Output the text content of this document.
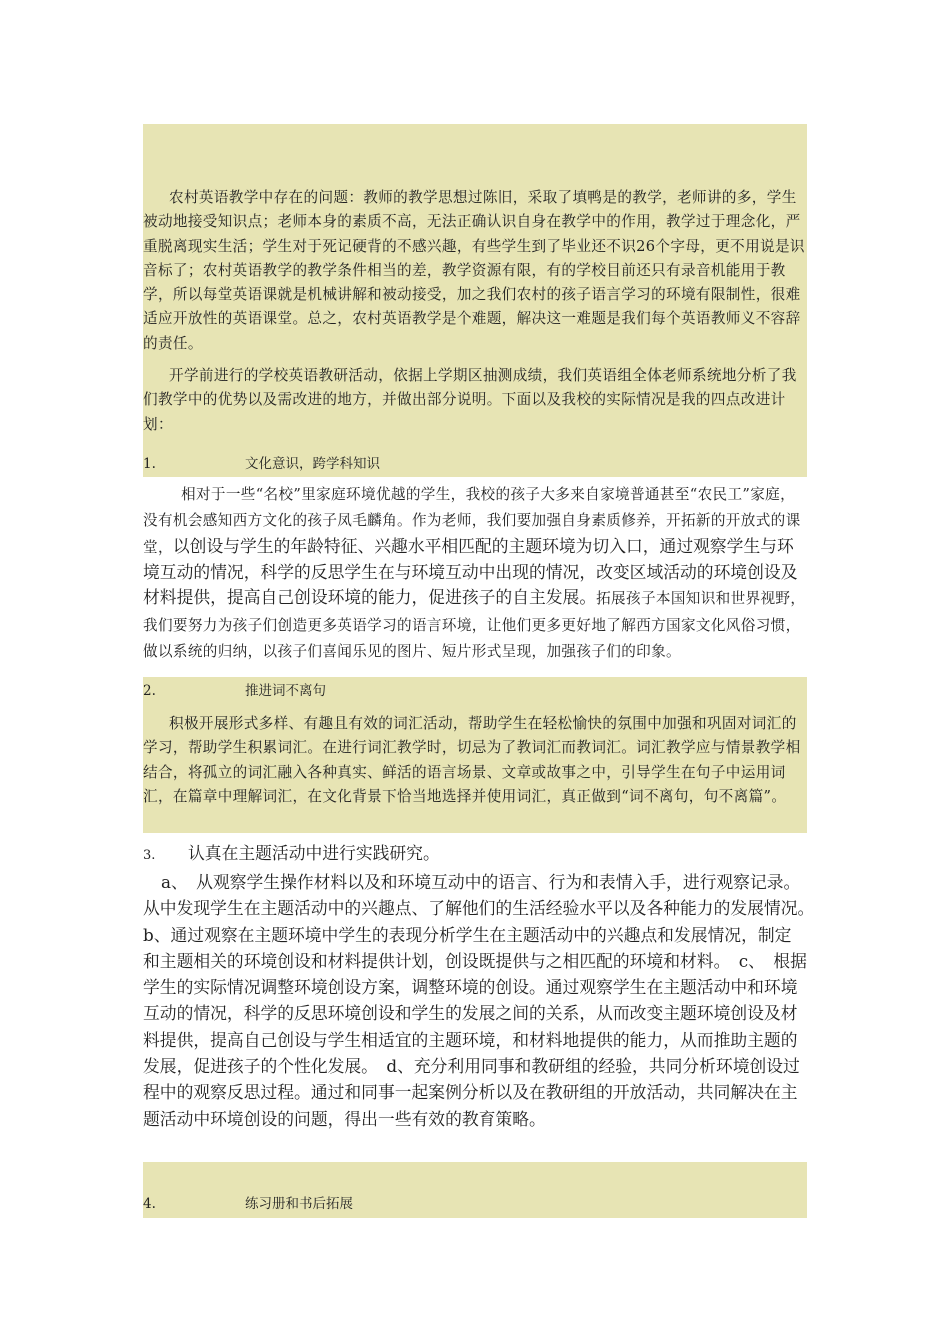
农村英语教学中存在的问题：教师的教学思想过陈旧，采取了填鸭是的教学，老师讲的多，学生被动地接受知识点；老师本身的素质不高，无法正确认识自身在教学中的作用，教学过于理念化，严重脱离现实生活；学生对于死记硬背的不感兴趣，有些学生到了毕业还不识26个字母，更不用说是识音标了；农村英语教学的教学条件相当的差，教学资源有限，有的学校目前还只有录音机能用于教学，所以每堂英语课就是机械讲解和被动接受，加之我们农村的孩子语言学习的环境有限制性，很难适应开放性的英语课堂。总之，农村英语教学是个难题，解决这一难题是我们每个英语教师义不容辞的责任。

开学前进行的学校英语教研活动，依据上学期区抽测成绩，我们英语组全体老师系统地分析了我们教学中的优势以及需改进的地方，并做出部分说明。下面以及我校的实际情况是我的四点改进计划：

1.	文化意识，跨学科知识

相对于一些“名校”里家庭环境优越的学生，我校的孩子大多来自家境普通甚至“农民工”家庭，没有机会感知西方文化的孩子凤毛麟角。作为老师，我们要加强自身素质修养，开拓新的开放式的课堂，以创设与学生的年龄特征、兴趣水平相匹配的主题环境为切入口，通过观察学生与环境互动的情况，科学的反思学生在与环境互动中出现的情况，改变区域活动的环境创设及材料提供，提高自己创设环境的能力，促进孩子的自主发展。拓展孩子本国知识和世界视野，我们要努力为孩子们创造更多英语学习的语言环境，让他们更多更好地了解西方国家文化风俗习惯，做以系统的归纳，以孩子们喜闻乐见的图片、短片形式呈现，加强孩子们的印象。

2.	推进词不离句

积极开展形式多样、有趣且有效的词汇活动，帮助学生在轻松愉快的氛围中加强和巩固对词汇的学习，帮助学生积累词汇。在进行词汇教学时，切忌为了教词汇而教词汇。词汇教学应与情景教学相结合，将孤立的词汇融入各种真实、鲜活的语言场景、文章或故事之中，引导学生在句子中运用词汇，在篇章中理解词汇，在文化背景下恰当地选择并使用词汇，真正做到“词不离句，句不离篇”。

3. 认真在主题活动中进行实践研究。

a、　从观察学生操作材料以及和环境互动中的语言、行为和表情入手，进行观察记录。从中发现学生在主题活动中的兴趣点、了解他们的生活经验水平以及各种能力的发展情况。　b、通过观察在主题环境中学生的表现分析学生在主题活动中的兴趣点和发展情况，制定和主题相关的环境创设和材料提供计划，创设既提供与之相匹配的环境和材料。　c、　根据学生的实际情况调整环境创设方案，调整环境的创设。通过观察学生在主题活动中和环境互动的情况，科学的反思环境创设和学生的发展之间的关系，从而改变主题环境创设及材料提供，提高自己创设与学生相适宜的主题环境，和材料地提供的能力，从而推助主题的发展，促进孩子的个性化发展。　d、充分利用同事和教研组的经验，共同分析环境创设过程中的观察反思过程。通过和同事一起案例分析以及在教研组的开放活动，共同解决在主题活动中环境创设的问题，得出一些有效的教育策略。

4.	练习册和书后拓展
